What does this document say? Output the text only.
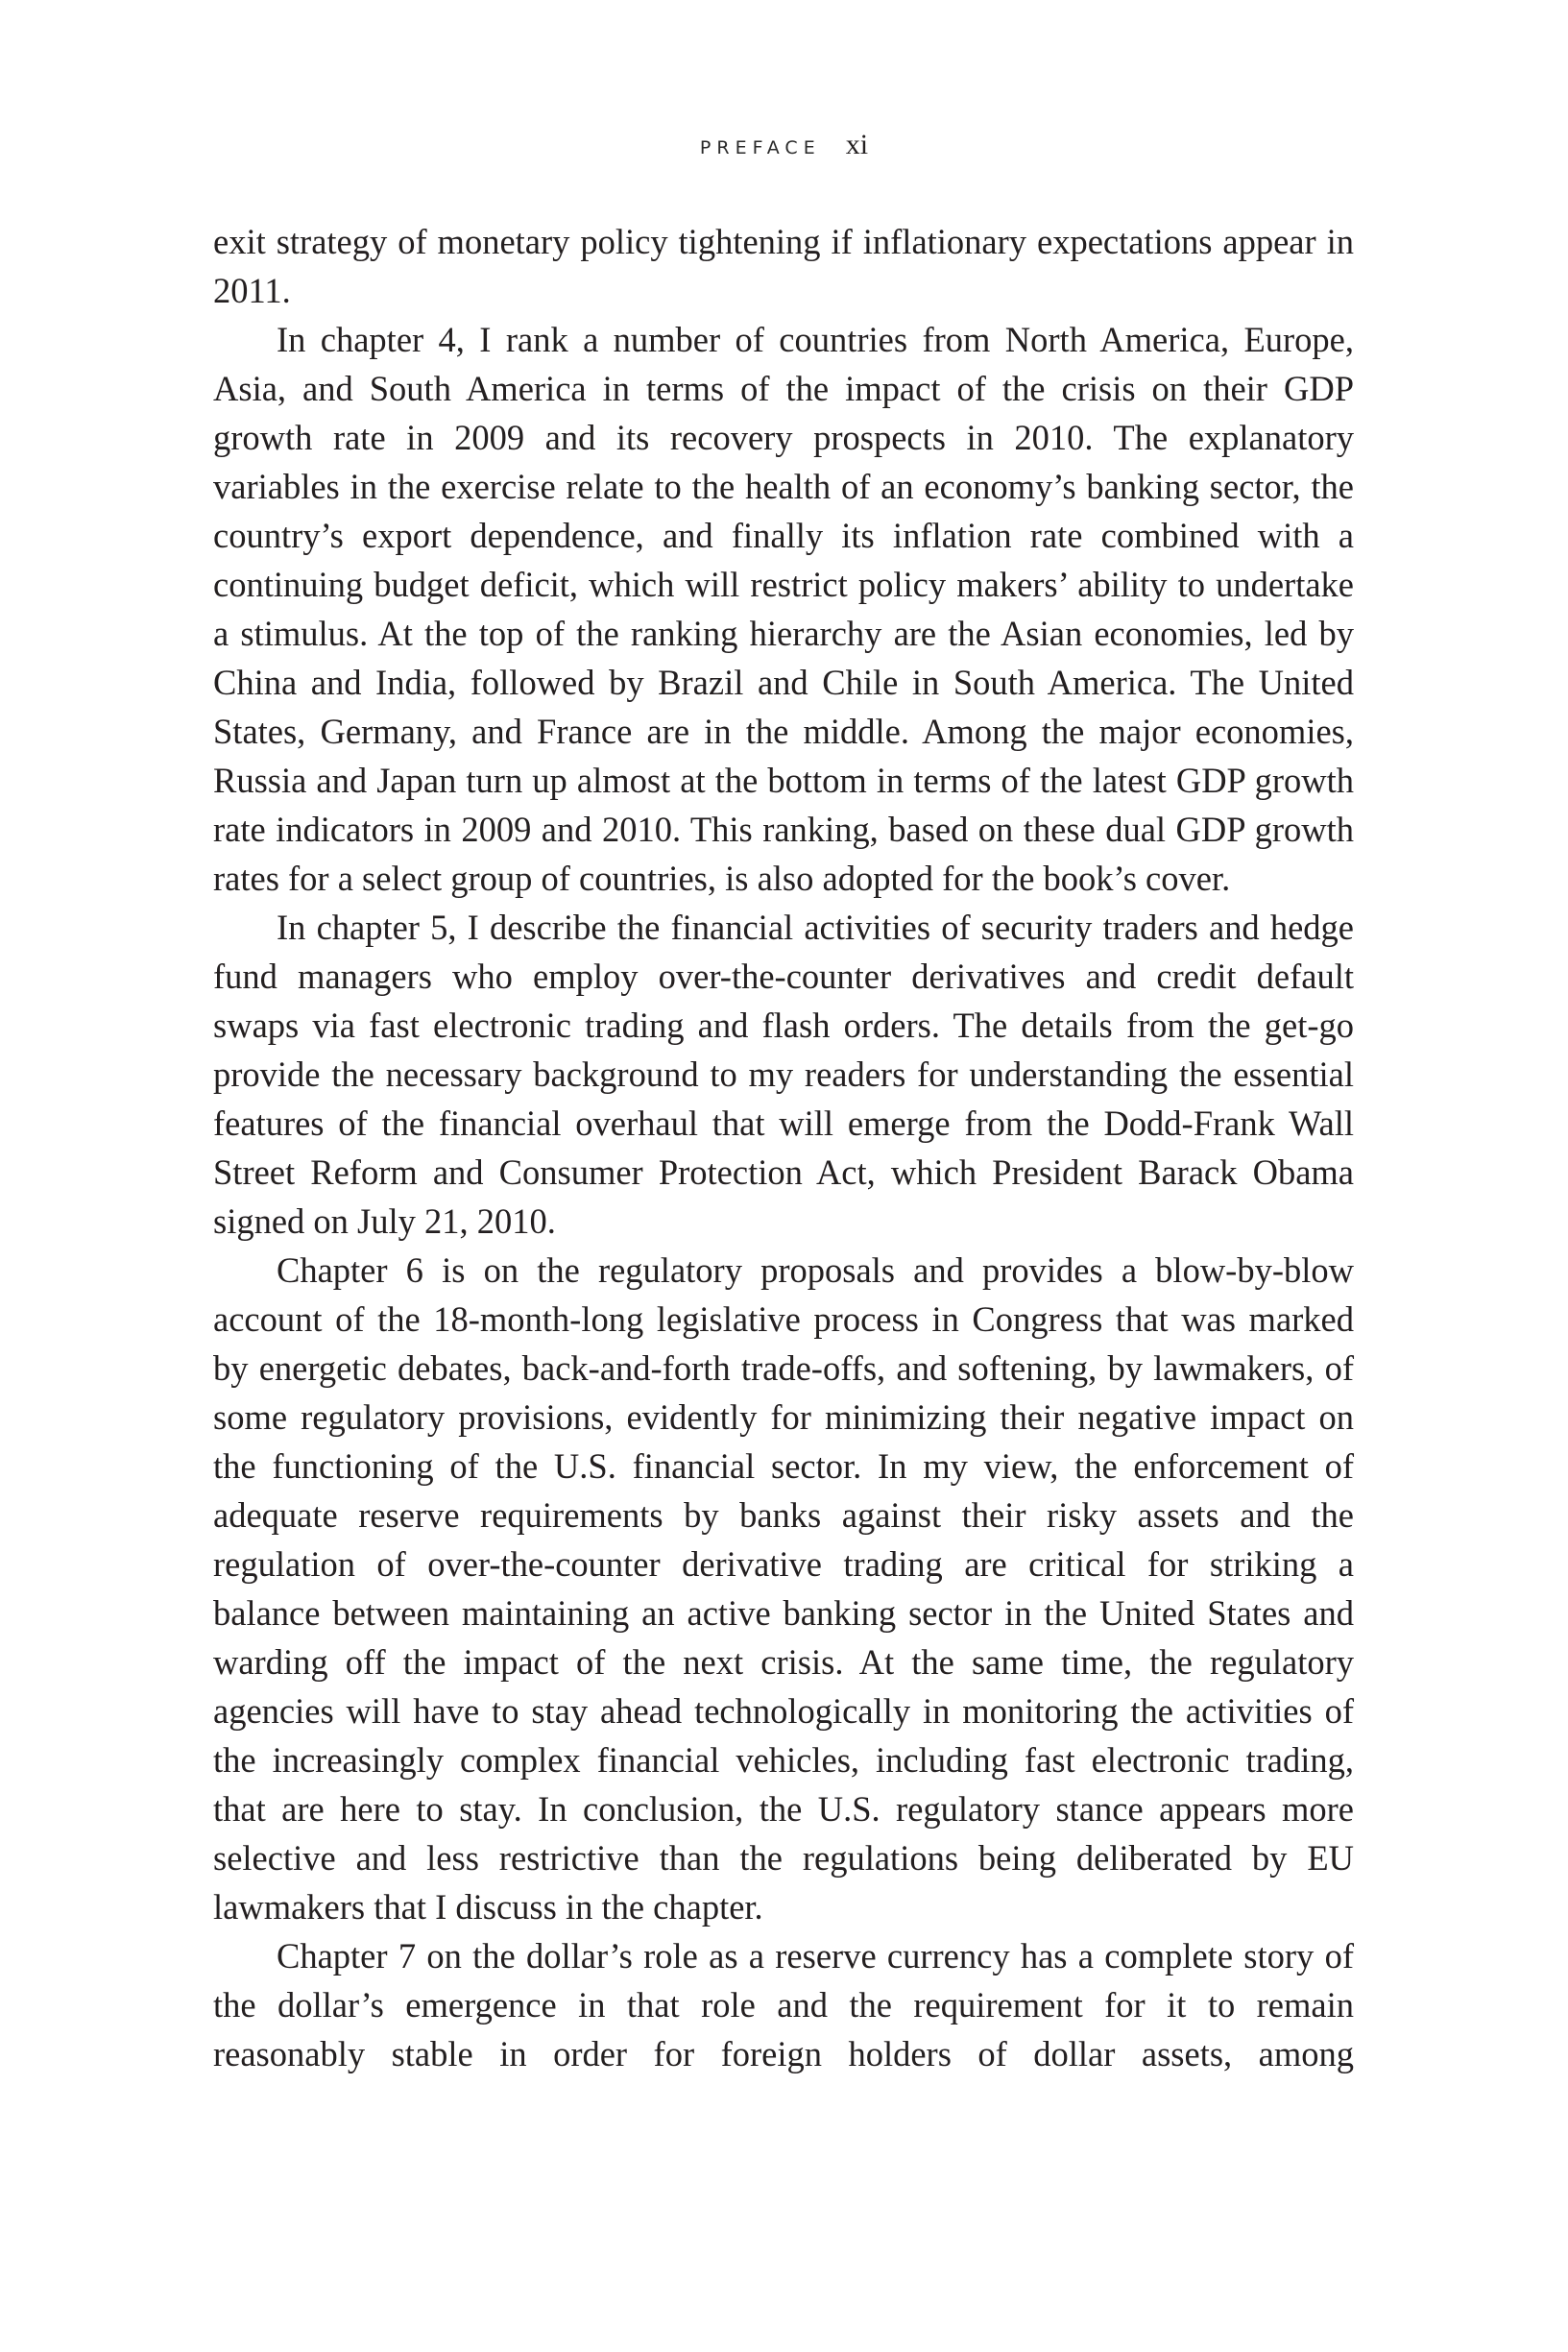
PREFACE xi

exit strategy of monetary policy tightening if inflationary expectations appear in 2011.

In chapter 4, I rank a number of countries from North America, Europe, Asia, and South America in terms of the impact of the crisis on their GDP growth rate in 2009 and its recovery prospects in 2010. The explanatory variables in the exercise relate to the health of an economy’s banking sector, the country’s export dependence, and finally its inflation rate combined with a continuing budget deficit, which will restrict policy makers’ ability to undertake a stimulus. At the top of the ranking hierarchy are the Asian economies, led by China and India, followed by Brazil and Chile in South America. The United States, Germany, and France are in the middle. Among the major economies, Russia and Japan turn up almost at the bottom in terms of the latest GDP growth rate indicators in 2009 and 2010. This ranking, based on these dual GDP growth rates for a select group of countries, is also adopted for the book’s cover.

In chapter 5, I describe the financial activities of security traders and hedge fund managers who employ over-the-counter derivatives and credit default swaps via fast electronic trading and flash orders. The details from the get-go provide the necessary background to my readers for understanding the essential features of the financial overhaul that will emerge from the Dodd-Frank Wall Street Reform and Consumer Protection Act, which President Barack Obama signed on July 21, 2010.

Chapter 6 is on the regulatory proposals and provides a blow-by-blow account of the 18-month-long legislative process in Congress that was marked by energetic debates, back-and-forth trade-offs, and softening, by lawmakers, of some regulatory provisions, evidently for minimizing their negative impact on the functioning of the U.S. financial sector. In my view, the enforcement of adequate reserve requirements by banks against their risky assets and the regulation of over-the-counter derivative trading are critical for striking a balance between maintaining an active banking sector in the United States and warding off the impact of the next crisis. At the same time, the regulatory agencies will have to stay ahead technologically in monitoring the activities of the increasingly complex financial vehicles, including fast electronic trading, that are here to stay. In conclusion, the U.S. regulatory stance appears more selective and less restrictive than the regulations being deliberated by EU lawmakers that I discuss in the chapter.

Chapter 7 on the dollar’s role as a reserve currency has a complete story of the dollar’s emergence in that role and the requirement for it to remain reasonably stable in order for foreign holders of dollar assets, among
